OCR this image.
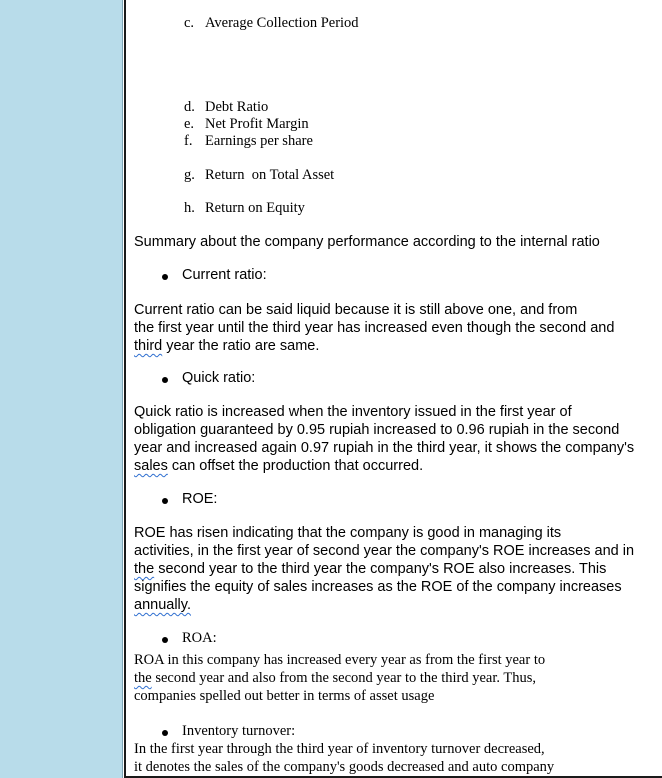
c. Average Collection Period
d. Debt Ratio
e. Net Profit Margin
f. Earnings per share
g. Return  on Total Asset
h. Return on Equity
Summary about the company performance according to the internal ratio
Current ratio:
Current ratio can be said liquid because it is still above one, and from
the first year until the third year has increased even though the second and
third year the ratio are same.
Quick ratio:
Quick ratio is increased when the inventory issued in the first year of
obligation guaranteed by 0.95 rupiah increased to 0.96 rupiah in the second
year and increased again 0.97 rupiah in the third year, it shows the company's
sales can offset the production that occurred.
ROE:
ROE has risen indicating that the company is good in managing its
activities, in the first year of second year the company's ROE increases and in
the second year to the third year the company's ROE also increases. This
signifies the equity of sales increases as the ROE of the company increases
annually.
ROA:
ROA in this company has increased every year as from the first year to
the second year and also from the second year to the third year. Thus,
companies spelled out better in terms of asset usage
Inventory turnover:
In the first year through the third year of inventory turnover decreased,
it denotes the sales of the company's goods decreased and auto company
